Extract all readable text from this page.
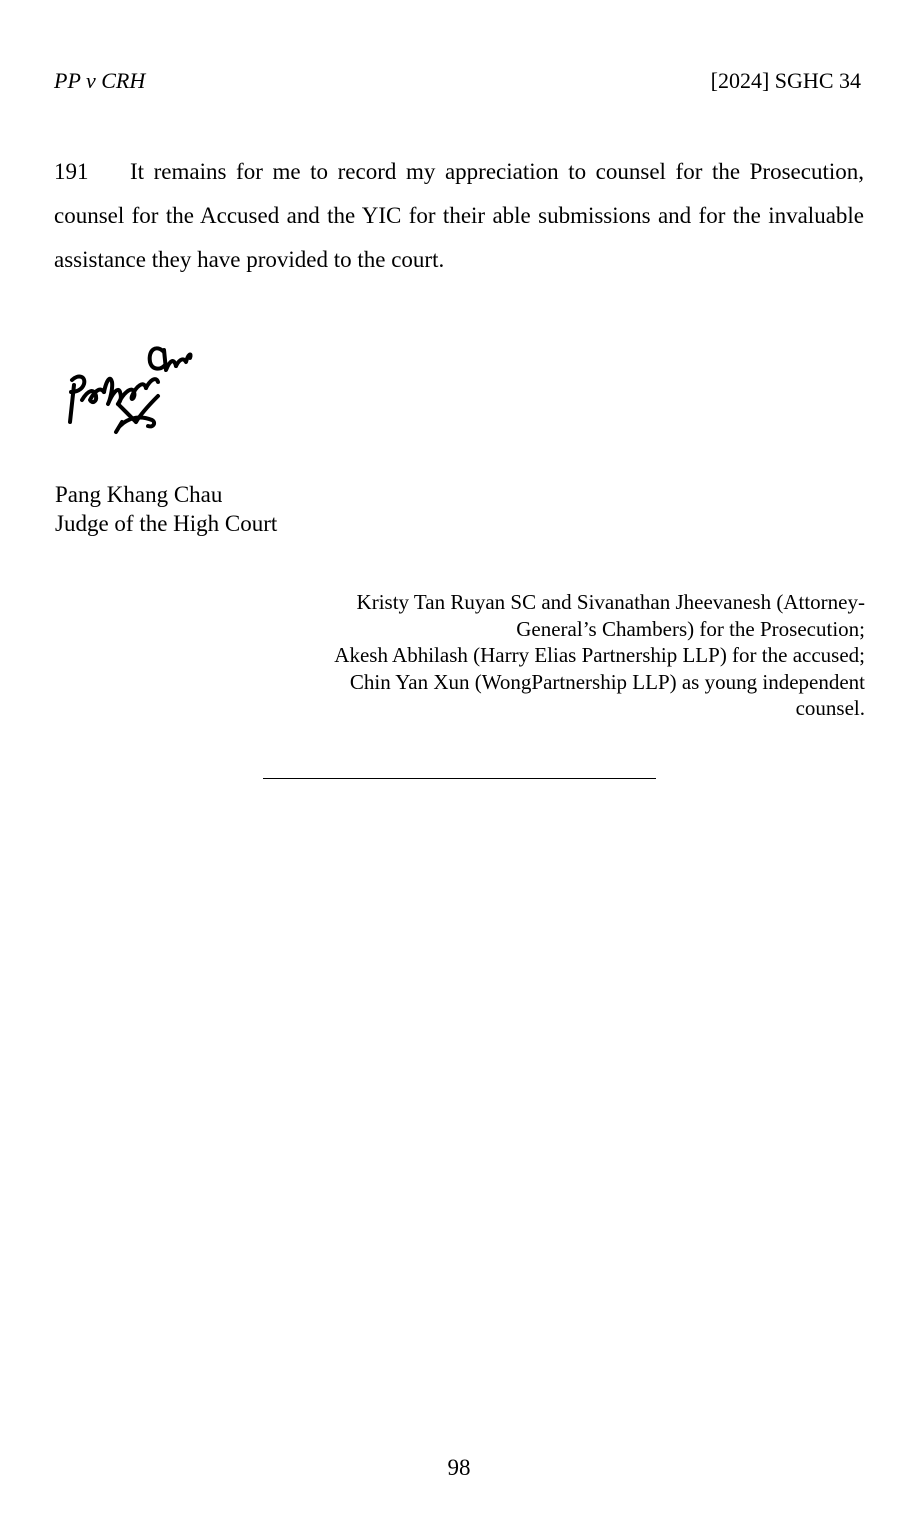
PP v CRH	[2024] SGHC 34
191 It remains for me to record my appreciation to counsel for the Prosecution, counsel for the Accused and the YIC for their able submissions and for the invaluable assistance they have provided to the court.
Pang Khang Chau
Judge of the High Court
Kristy Tan Ruyan SC and Sivanathan Jheevanesh (Attorney-
General’s Chambers) for the Prosecution;
Akesh Abhilash (Harry Elias Partnership LLP) for the accused;
Chin Yan Xun (WongPartnership LLP) as young independent
counsel.
98
